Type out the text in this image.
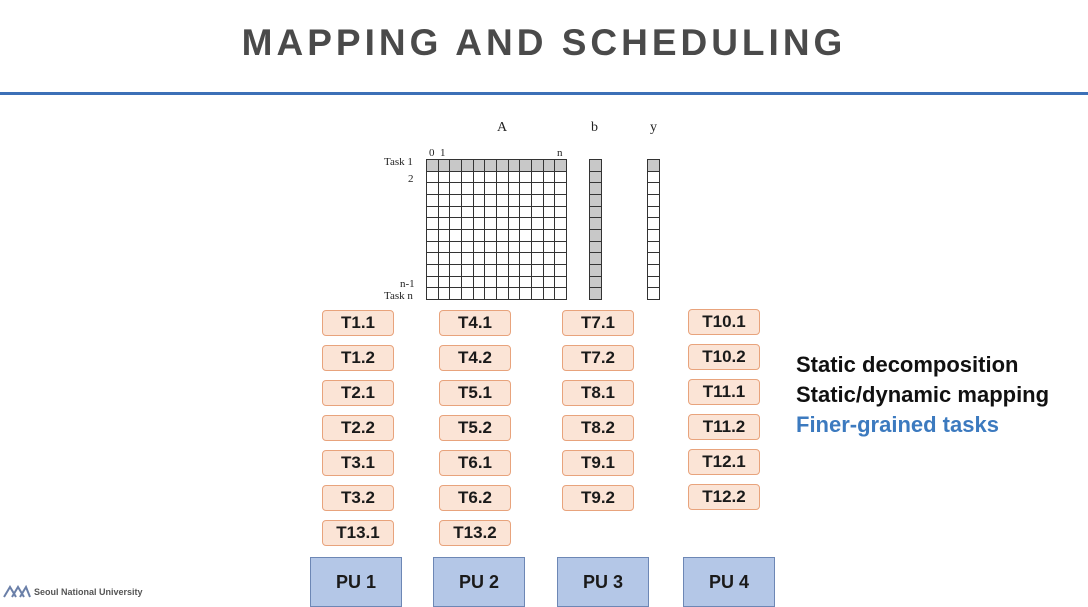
MAPPING AND SCHEDULING
A	b	y
0 1	n
Task 1
2
n-1
Task n
T1.1
T1.2
T2.1
T2.2
T3.1
T3.2
T13.1
T4.1
T4.2
T5.1
T5.2
T6.1
T6.2
T13.2
T7.1
T7.2
T8.1
T8.2
T9.1
T9.2
T10.1
T10.2
T11.1
T11.2
T12.1
T12.2
PU 1	PU 2	PU 3	PU 4
Static decomposition
Static/dynamic mapping
Finer-grained tasks
Seoul National University
